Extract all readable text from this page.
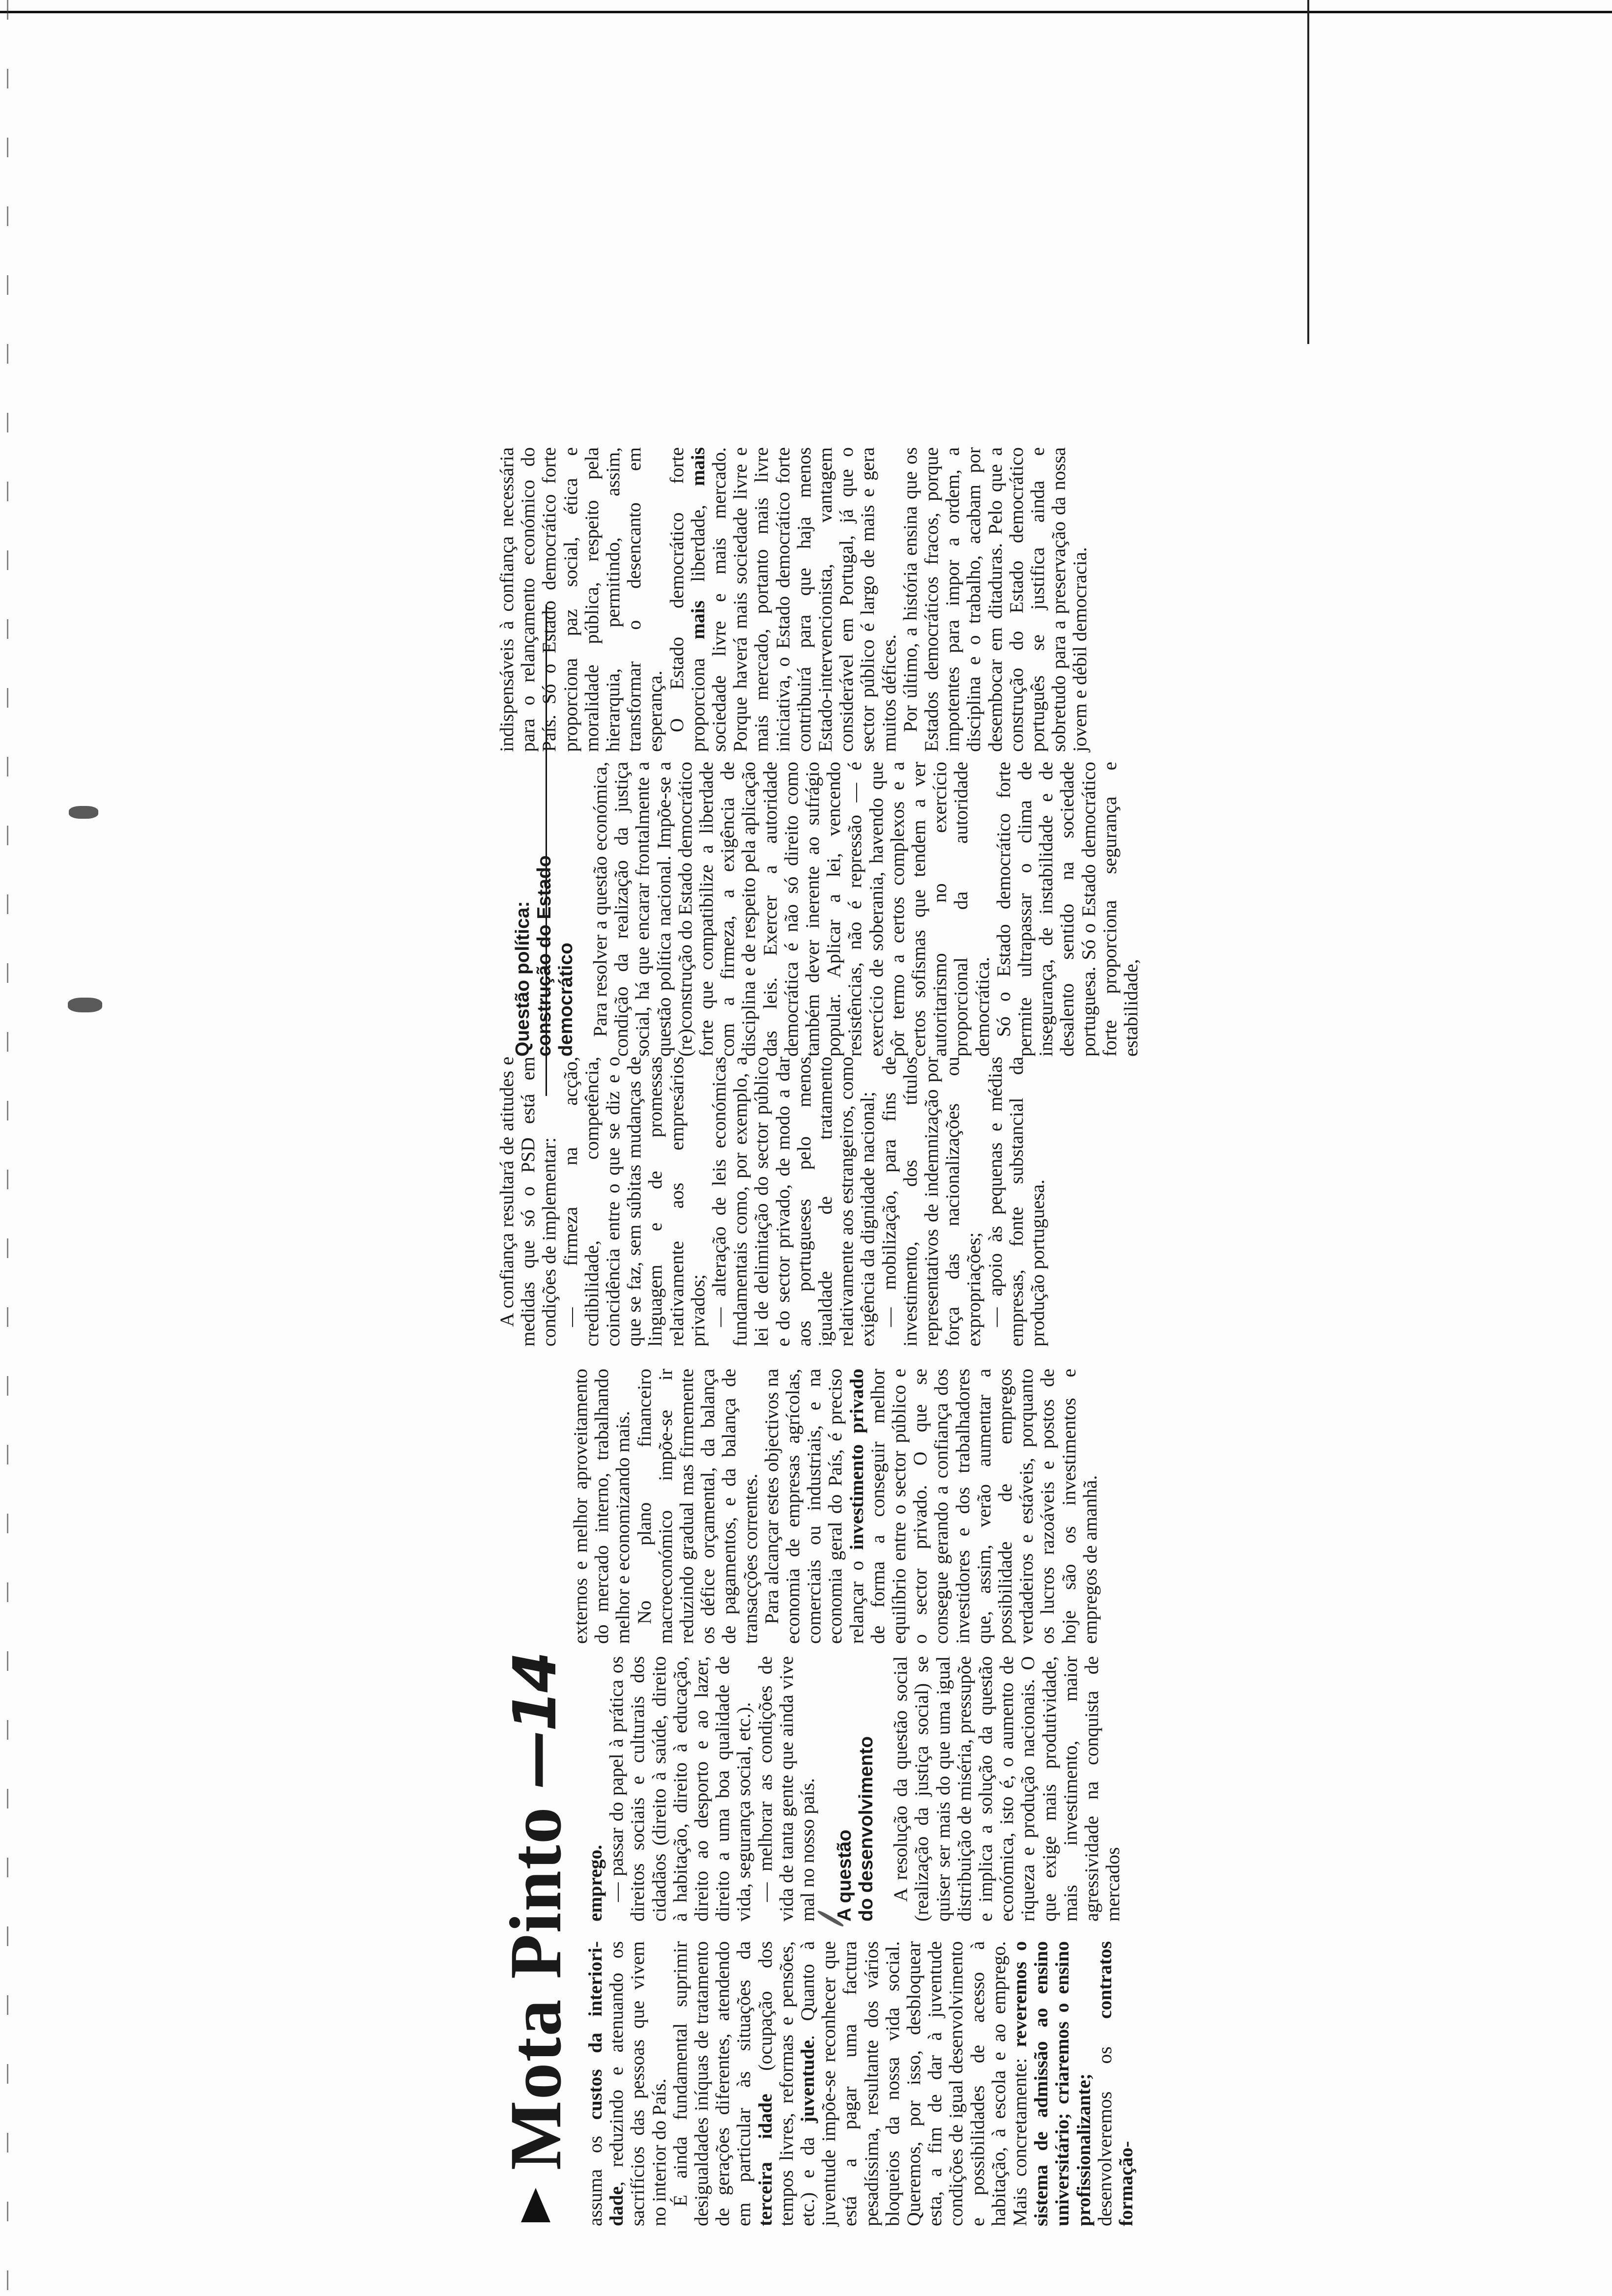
Mota Pinto
—14

assuma os custos da interiori-dade, reduzindo e atenuando os sacrifícios das pessoas que vivem no interior do País. É ainda fundamental suprimir desigualdades iníquas de tratamento de gerações diferentes, atendendo em particular às situações da terceira idade (ocupação dos tempos livres, reformas e pensões, etc.) e da juventude. Quanto à juventude impõe-se reconhecer que está a pagar uma factura pesadíssima, resultante dos vários bloqueios da nossa vida social. Queremos, por isso, desbloquear esta, a fim de dar à juventude condições de igual desenvolvimento e possibilidades de acesso à habitação, à escola e ao emprego. Mais concretamente: reveremos o sistema de admissão ao ensino universitário; criaremos o ensino profissionalizante; desenvolveremos os contratos formação-

emprego. — passar do papel à prática os direitos sociais e culturais dos cidadãos (direito à saúde, direito à habitação, direito à educação, direito ao desporto e ao lazer, direito a uma boa qualidade de vida, segurança social, etc.). — melhorar as condições de vida de tanta gente que ainda vive mal no nosso país. A questão do desenvolvimento A resolução da questão social (realização da justiça social) se quiser ser mais do que uma igual distribuição de miséria, pressupõe e implica a solução da questão económica, isto é, o aumento de riqueza e produção nacionais. O que exige mais produtividade, mais investimento, maior agressividade na conquista de mercados

externos e melhor aproveitamento do mercado interno, trabalhando melhor e economizando mais. No plano financeiro macroeconómico impõe-se ir reduzindo gradual mas firmemente os défice orçamental, da balança de pagamentos, e da balança de transacções correntes. Para alcançar estes objectivos na economia de empresas agrícolas, comerciais ou industriais, e na economia geral do País, é preciso relançar o investimento privado de forma a conseguir melhor equilíbrio entre o sector público e o sector privado. O que se consegue gerando a confiança dos investidores e dos trabalhadores que, assim, verão aumentar a possibilidade de empregos verdadeiros e estáveis, porquanto os lucros razoáveis e postos de hoje são os investimentos e empregos de amanhã.

A confiança resultará de atitudes e medidas que só o PSD está em condições de implementar: — firmeza na acção, credibilidade, competência, coincidência entre o que se diz e o que se faz, sem súbitas mudanças de linguagem e de promessas relativamente aos empresários privados; — alteração de leis económicas fundamentais como, por exemplo, a lei de delimitação do sector público e do sector privado, de modo a dar aos portugueses pelo menos igualdade de tratamento relativamente aos estrangeiros, como exigência da dignidade nacional; — mobilização, para fins de investimento, dos títulos representativos de indemnização por força das nacionalizações ou expropriações; — apoio às pequenas e médias empresas, fonte substancial da produção portuguesa.

Questão política: construção do Estado democrático Para resolver a questão económica, condição da realização da justiça social, há que encarar frontalmente a questão política nacional. Impõe-se a (re)construção do Estado democrático forte que compatibilize a liberdade com a firmeza, a exigência de disciplina e de respeito pela aplicação das leis. Exercer a autoridade democrática é não só direito como também dever inerente ao sufrágio popular. Aplicar a lei, vencendo resistências, não é repressão — é exercício de soberania, havendo que pôr termo a certos complexos e a certos sofismas que tendem a ver autoritarismo no exercício proporcional da autoridade democrática. Só o Estado democrático forte permite ultrapassar o clima de insegurança, de instabilidade e de desalento sentido na sociedade portuguesa. Só o Estado democrático forte proporciona segurança e estabilidade,

indispensáveis à confiança necessária para o relançamento económico do País. Só o Estado democrático forte proporciona paz social, ética e moralidade pública, respeito pela hierarquia, permitindo, assim, transformar o desencanto em esperança. O Estado democrático forte proporciona mais liberdade, mais sociedade livre e mais mercado. Porque haverá mais sociedade livre e mais mercado, portanto mais livre iniciativa, o Estado democrático forte contribuirá para que haja menos Estado-intervencionista, vantagem considerável em Portugal, já que o sector público é largo de mais e gera muitos défices. Por último, a história ensina que os Estados democráticos fracos, porque impotentes para impor a ordem, a disciplina e o trabalho, acabam por desembocar em ditaduras. Pelo que a construção do Estado democrático português se justifica ainda e sobretudo para a preservação da nossa jovem e débil democracia.
